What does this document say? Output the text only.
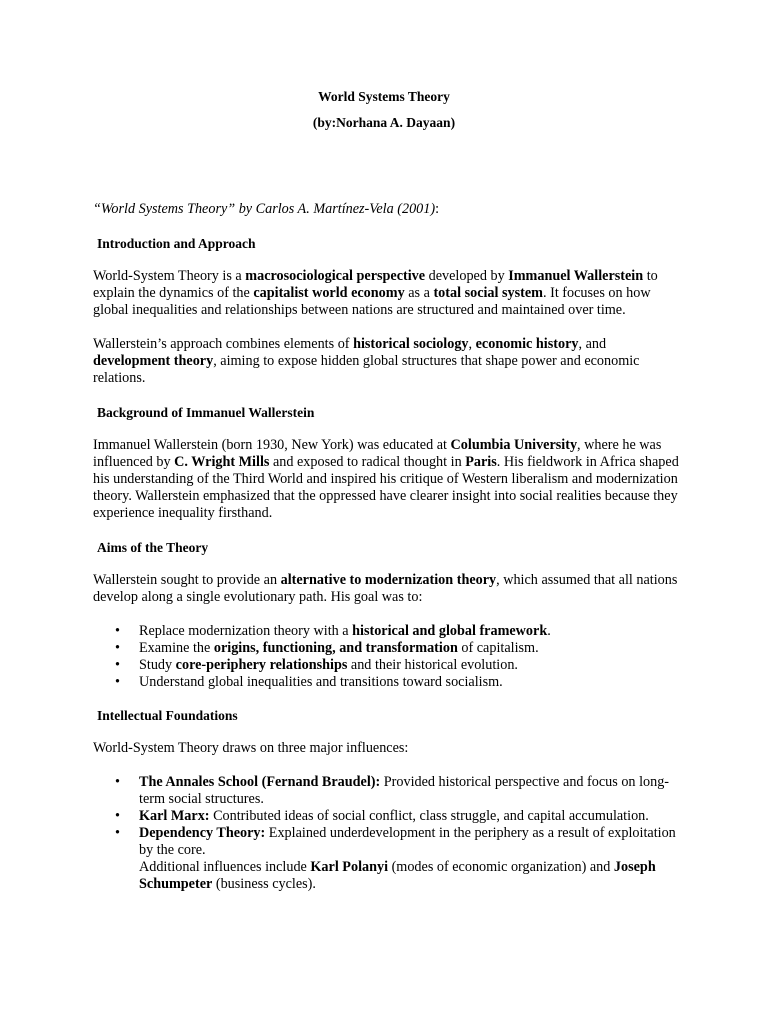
World Systems Theory
(by:Norhana A. Dayaan)

“World Systems Theory” by Carlos A. Martínez-Vela (2001):

Introduction and Approach

World-System Theory is a macrosociological perspective developed by Immanuel Wallerstein to explain the dynamics of the capitalist world economy as a total social system. It focuses on how global inequalities and relationships between nations are structured and maintained over time.

Wallerstein’s approach combines elements of historical sociology, economic history, and development theory, aiming to expose hidden global structures that shape power and economic relations.

Background of Immanuel Wallerstein

Immanuel Wallerstein (born 1930, New York) was educated at Columbia University, where he was influenced by C. Wright Mills and exposed to radical thought in Paris. His fieldwork in Africa shaped his understanding of the Third World and inspired his critique of Western liberalism and modernization theory. Wallerstein emphasized that the oppressed have clearer insight into social realities because they experience inequality firsthand.

Aims of the Theory

Wallerstein sought to provide an alternative to modernization theory, which assumed that all nations develop along a single evolutionary path. His goal was to:

• Replace modernization theory with a historical and global framework.
• Examine the origins, functioning, and transformation of capitalism.
• Study core-periphery relationships and their historical evolution.
• Understand global inequalities and transitions toward socialism.

Intellectual Foundations

World-System Theory draws on three major influences:

• The Annales School (Fernand Braudel): Provided historical perspective and focus on long-term social structures.
• Karl Marx: Contributed ideas of social conflict, class struggle, and capital accumulation.
• Dependency Theory: Explained underdevelopment in the periphery as a result of exploitation by the core.
Additional influences include Karl Polanyi (modes of economic organization) and Joseph Schumpeter (business cycles).
